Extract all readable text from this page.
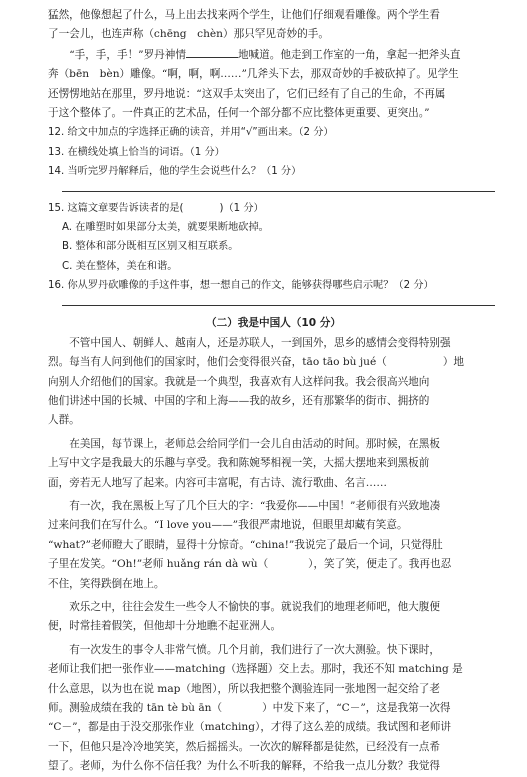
猛然，他像想起了什么，马上出去找来两个学生，让他们仔细观看雕像。两个学生看
了一会儿，也连声称（chēng　chèn）那只罕见奇妙的手。
“手，手，手！”罗丹神情	地喊道。他走到工作室的一角，拿起一把斧头直
奔（bēn　bèn）雕像。“啊，啊，啊……”几斧头下去，那双奇妙的手被砍掉了。见学生
还愣愣地站在那里，罗丹地说：“这双手太突出了，它们已经有了自己的生命，不再属
于这个整体了。一件真正的艺术品，任何一个部分都不应比整体更重要、更突出。”
12. 给文中加点的字选择正确的读音，并用“√”画出来。（2 分）
13. 在横线处填上恰当的词语。（1 分）
14. 当听完罗丹解释后，他的学生会说些什么？（1 分）
15. 这篇文章要告诉读者的是(	)（1 分）
A. 在雕塑时如果部分太美，就要果断地砍掉。
B. 整体和部分既相互区别又相互联系。
C. 美在整体，美在和谐。
16. 你从罗丹砍雕像的手这件事，想一想自己的作文，能够获得哪些启示呢？（2 分）
（二）我是中国人（10 分）
不管中国人、朝鲜人、越南人，还是苏联人，一到国外，思乡的感情会变得特别强
烈。每当有人问到他们的国家时，他们会变得很兴奋，tāo tāo bù jué（	）地
向别人介绍他们的国家。我就是一个典型，我喜欢有人这样问我。我会很高兴地向
他们讲述中国的长城、中国的字和上海——我的故乡，还有那繁华的街市、拥挤的
人群。
在美国，每节课上，老师总会给同学们一会儿自由活动的时间。那时候，在黑板
上写中文字是我最大的乐趣与享受。我和陈婉琴相视一笑，大摇大摆地来到黑板前
面，旁若无人地写了起来。内容可丰富呢，有古诗、流行歌曲、名言……
有一次，我在黑板上写了几个巨大的字：“我爱你——中国！”老师很有兴致地凑
过来问我们在写什么。“I love you——”我很严肃地说，但眼里却藏有笑意。
“what?”老师瞪大了眼睛，显得十分惊奇。“china!”我说完了最后一个词，只觉得肚
子里在发笑。“Oh!”老师 huǎng rán dà wù（	），笑了笑，便走了。我再也忍
不住，笑得跌倒在地上。
欢乐之中，往往会发生一些令人不愉快的事。就说我们的地理老师吧，他大腹便
便，时常挂着假笑，但他却十分地瞧不起亚洲人。
有一次发生的事令人非常气愤。几个月前，我们进行了一次大测验。快下课时，
老师让我们把一张作业——matching（选择题）交上去。那时，我还不知 matching 是
什么意思，以为也在说 map（地图），所以我把整个测验连同一张地图一起交给了老
师。测验成绩在我的 tān tè bù ān（	）中发下来了，“C－”，这是我第一次得
“C－”，都是由于没交那张作业（matching），才得了这么差的成绩。我试图和老师讲
一下，但他只是冷冷地笑笑，然后摇摇头。一次次的解释都是徒然，已经没有一点希
望了。老师，为什么你不信任我？为什么不听我的解释，不给我一点儿分数？我觉得
